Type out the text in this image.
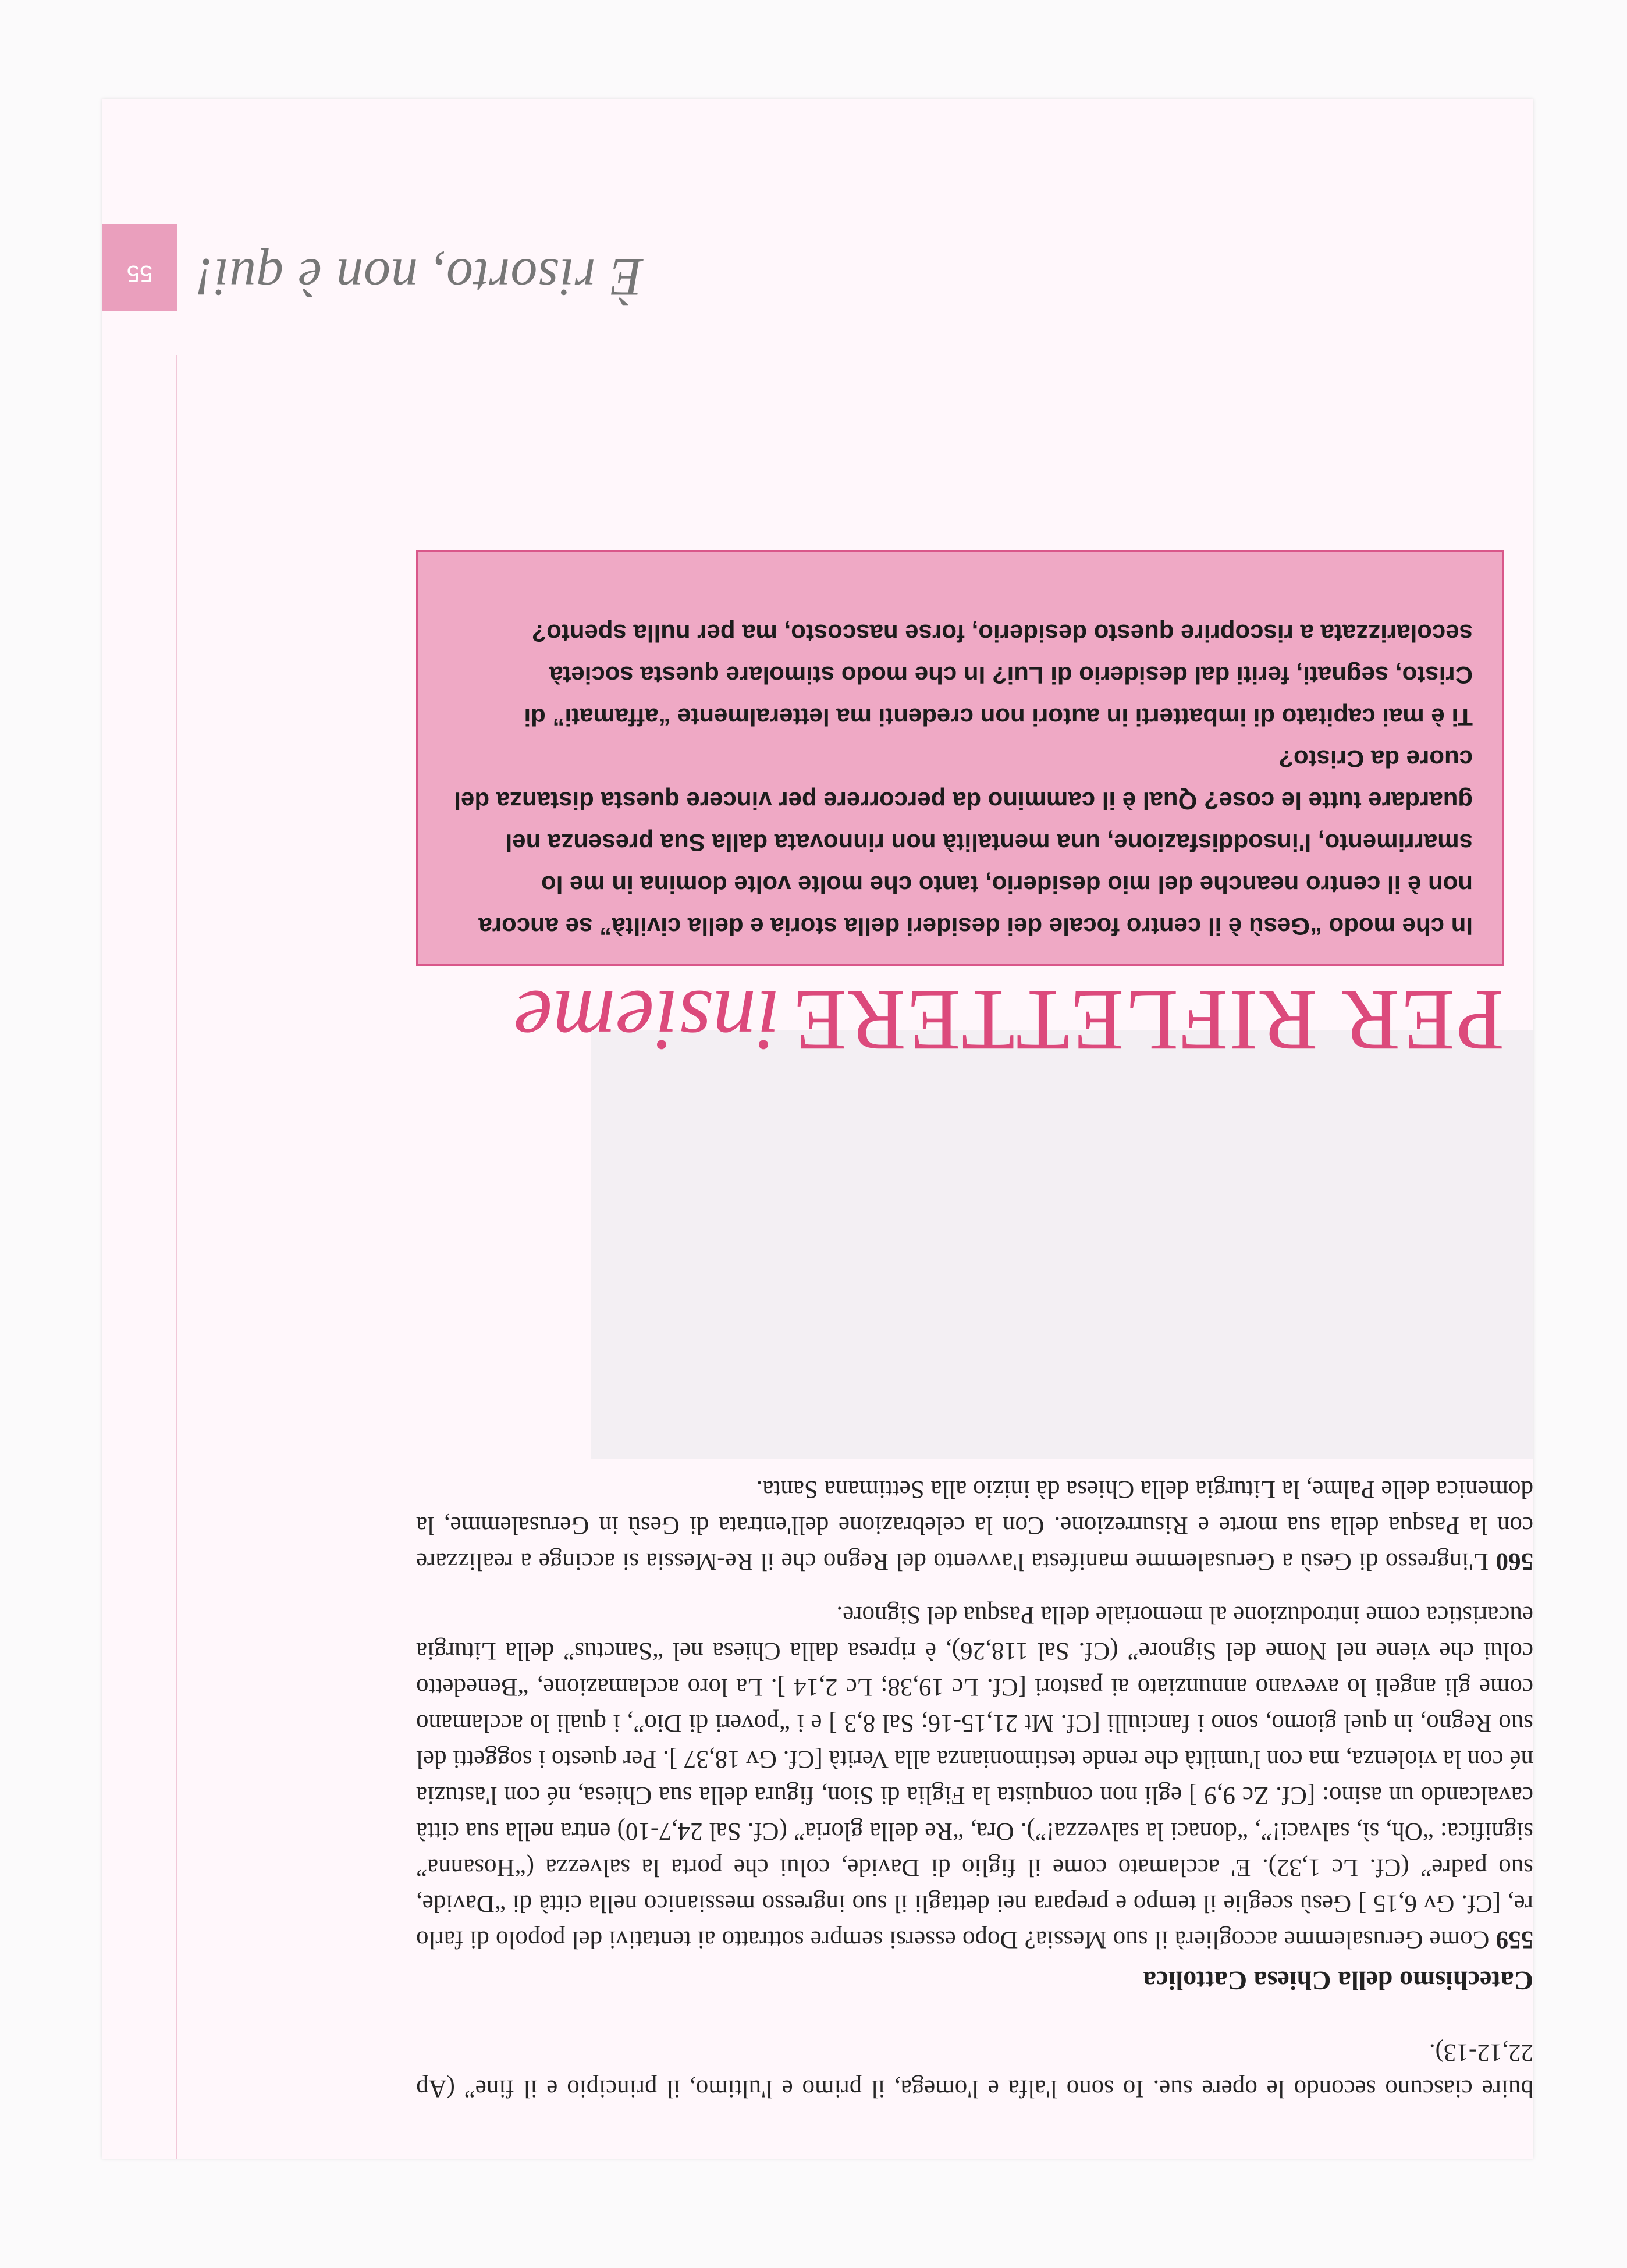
È risorto, non è qui!
55

In che modo “Gesù è il centro focale dei desideri della storia e della civiltà” se ancora non è il centro neanche del mio desiderio, tanto che molte volte domina in me lo smarrimento, l'insoddisfazione, una mentalità non rinnovata dalla Sua presenza nel guardare tutte le cose? Qual è il cammino da percorrere per vincere questa distanza del cuore da Cristo?

Ti è mai capitato di imbatterti in autori non credenti ma letteralmente “affamati” di Cristo, segnati, feriti dal desiderio di Lui? In che modo stimolare questa società secolarizzata a riscoprire questo desiderio, forse nascosto, ma per nulla spento?

PER RIFLETTEREinsieme

560 L'ingresso di Gesù a Gerusalemme manifesta l'avvento del Regno che il Re-Messia si accinge a realizzare con la Pasqua della sua morte e Risurrezione. Con la celebrazione dell'entrata di Gesù in Gerusalemme, la domenica delle Palme, la Liturgia della Chiesa dà inizio alla Settimana Santa.

559 Come Gerusalemme accoglierà il suo Messia? Dopo essersi sempre sottratto ai tentativi del popolo di farlo re, [Cf. Gv 6,15 ] Gesù sceglie il tempo e prepara nei dettagli il suo ingresso messianico nella città di “Davide, suo padre” (Cf. Lc 1,32). E' acclamato come il figlio di Davide, colui che porta la salvezza (“Hosanna” significa: “Oh, sì, salvaci!”, “donaci la salvezza!”). Ora, “Re della gloria” (Cf. Sal 24,7-10) entra nella sua città cavalcando un asino: [Cf. Zc 9,9 ] egli non conquista la Figlia di Sion, figura della sua Chiesa, né con l'astuzia né con la violenza, ma con l'umiltà che rende testimonianza alla Verità [Cf. Gv 18,37 ]. Per questo i soggetti del suo Regno, in quel giorno, sono i fanciulli [Cf. Mt 21,15-16; Sal 8,3 ] e i “poveri di Dio”, i quali lo acclamano come gli angeli lo avevano annunziato ai pastori [Cf. Lc 19,38; Lc 2,14 ]. La loro acclamazione, “Benedetto colui che viene nel Nome del Signore” (Cf. Sal 118,26), è ripresa dalla Chiesa nel “Sanctus” della Liturgia eucaristica come introduzione al memoriale della Pasqua del Signore.

Catechismo della Chiesa Cattolica

buire ciascuno secondo le opere sue. Io sono l'alfa e l'omega, il primo e l'ultimo, il principio e il fine” (Ap 22,12-13).
